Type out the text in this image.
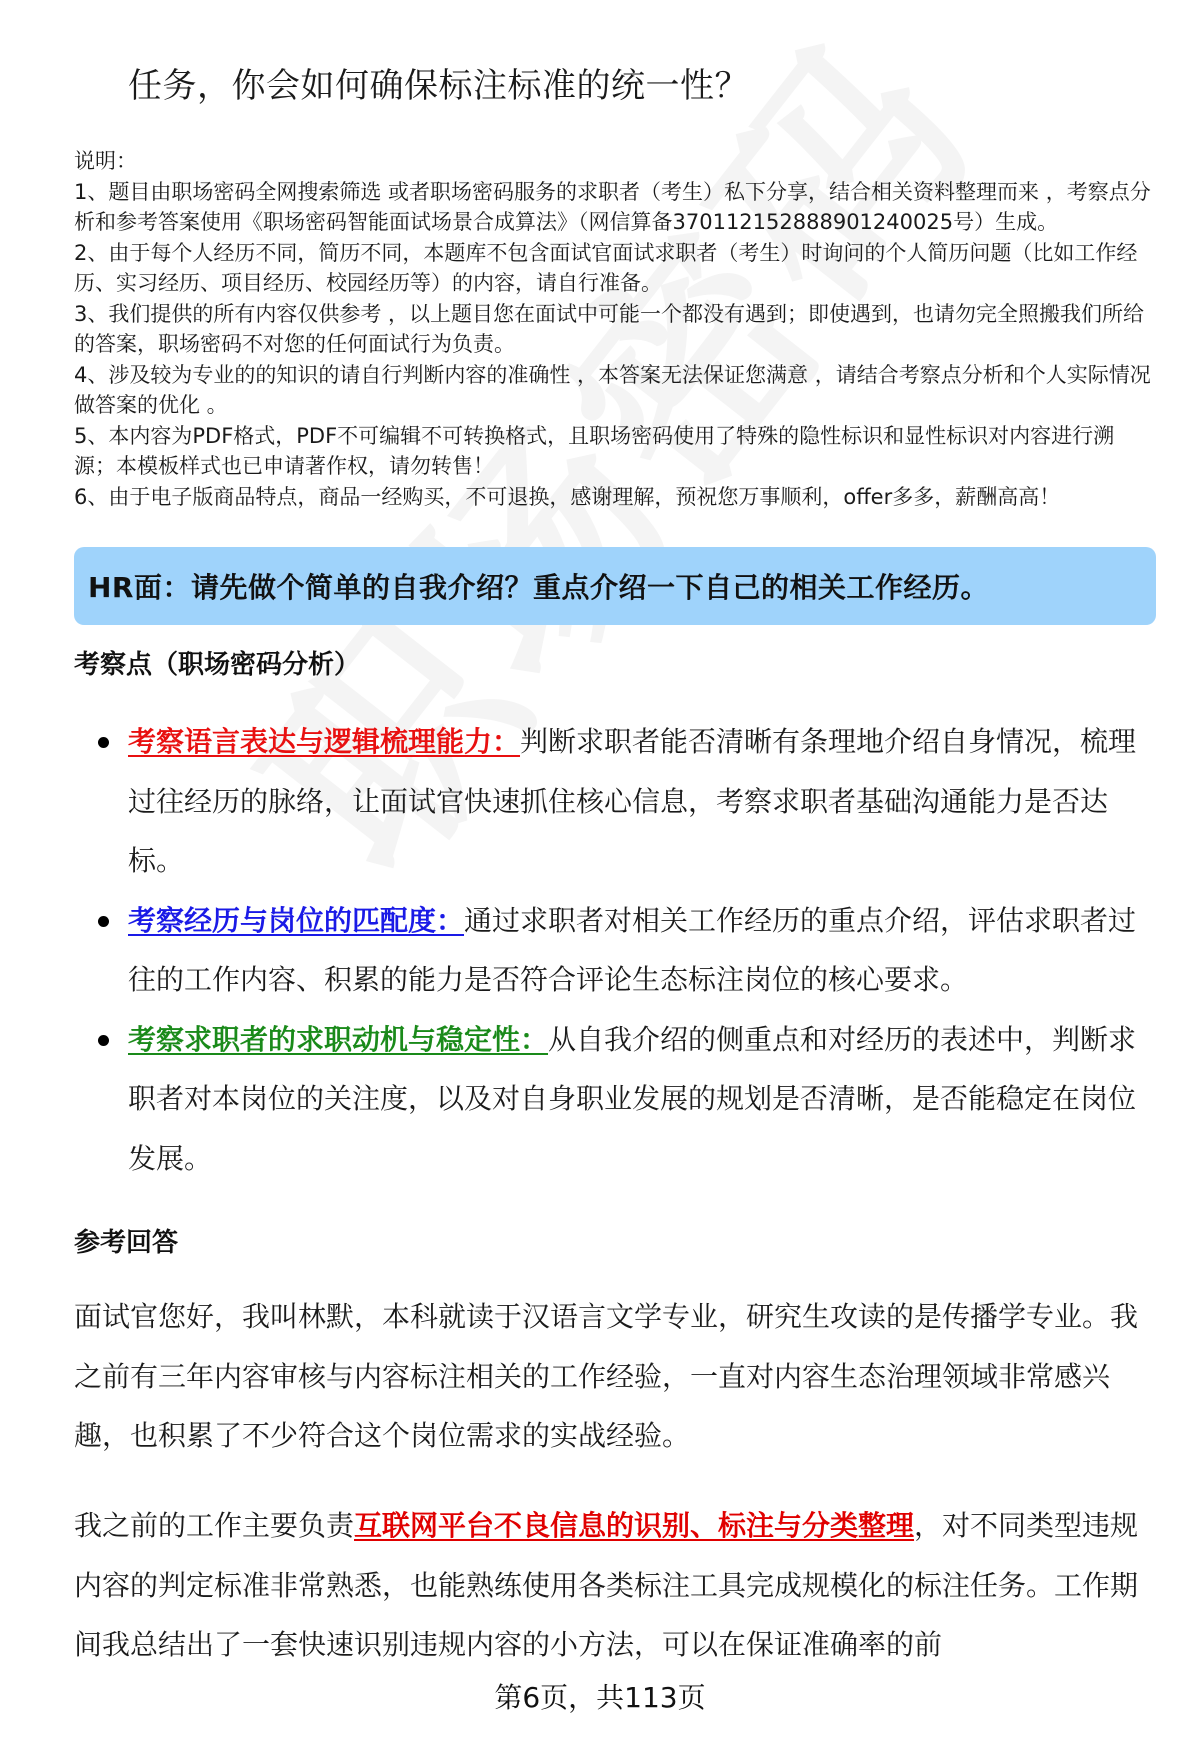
任务，你会如何确保标注标准的统一性？

说明：

1、题目由职场密码全网搜索筛选 或者职场密码服务的求职者（考生）私下分享，结合相关资料整理而来 ，考察点分析和参考答案使用《职场密码智能面试场景合成算法》（网信算备370112152888901240025号）生成。

2、由于每个人经历不同，简历不同，本题库不包含面试官面试求职者（考生）时询问的个人简历问题（比如工作经历、实习经历、项目经历、校园经历等）的内容，请自行准备。

3、我们提供的所有内容仅供参考 ，以上题目您在面试中可能一个都没有遇到；即使遇到，也请勿完全照搬我们所给的答案，职场密码不对您的任何面试行为负责。

4、涉及较为专业的的知识的请自行判断内容的准确性 ，本答案无法保证您满意 ，请结合考察点分析和个人实际情况做答案的优化 。

5、本内容为PDF格式，PDF不可编辑不可转换格式，且职场密码使用了特殊的隐性标识和显性标识对内容进行溯源；本模板样式也已申请著作权，请勿转售！

6、由于电子版商品特点，商品一经购买，不可退换，感谢理解，预祝您万事顺利，offer多多，薪酬高高！

HR面：请先做个简单的自我介绍？重点介绍一下自己的相关工作经历。
考察点（职场密码分析）
考察语言表达与逻辑梳理能力：判断求职者能否清晰有条理地介绍自身情况，梳理过往经历的脉络，让面试官快速抓住核心信息，考察求职者基础沟通能力是否达标。
考察经历与岗位的匹配度：通过求职者对相关工作经历的重点介绍，评估求职者过往的工作内容、积累的能力是否符合评论生态标注岗位的核心要求。
考察求职者的求职动机与稳定性：从自我介绍的侧重点和对经历的表述中，判断求职者对本岗位的关注度，以及对自身职业发展的规划是否清晰，是否能稳定在岗位发展。
参考回答

面试官您好，我叫林默，本科就读于汉语言文学专业，研究生攻读的是传播学专业。我之前有三年内容审核与内容标注相关的工作经验，一直对内容生态治理领域非常感兴趣，也积累了不少符合这个岗位需求的实战经验。

我之前的工作主要负责互联网平台不良信息的识别、标注与分类整理，对不同类型违规内容的判定标准非常熟悉，也能熟练使用各类标注工具完成规模化的标注任务。工作期间我总结出了一套快速识别违规内容的小方法，可以在保证准确率的前

第6页，共113页
